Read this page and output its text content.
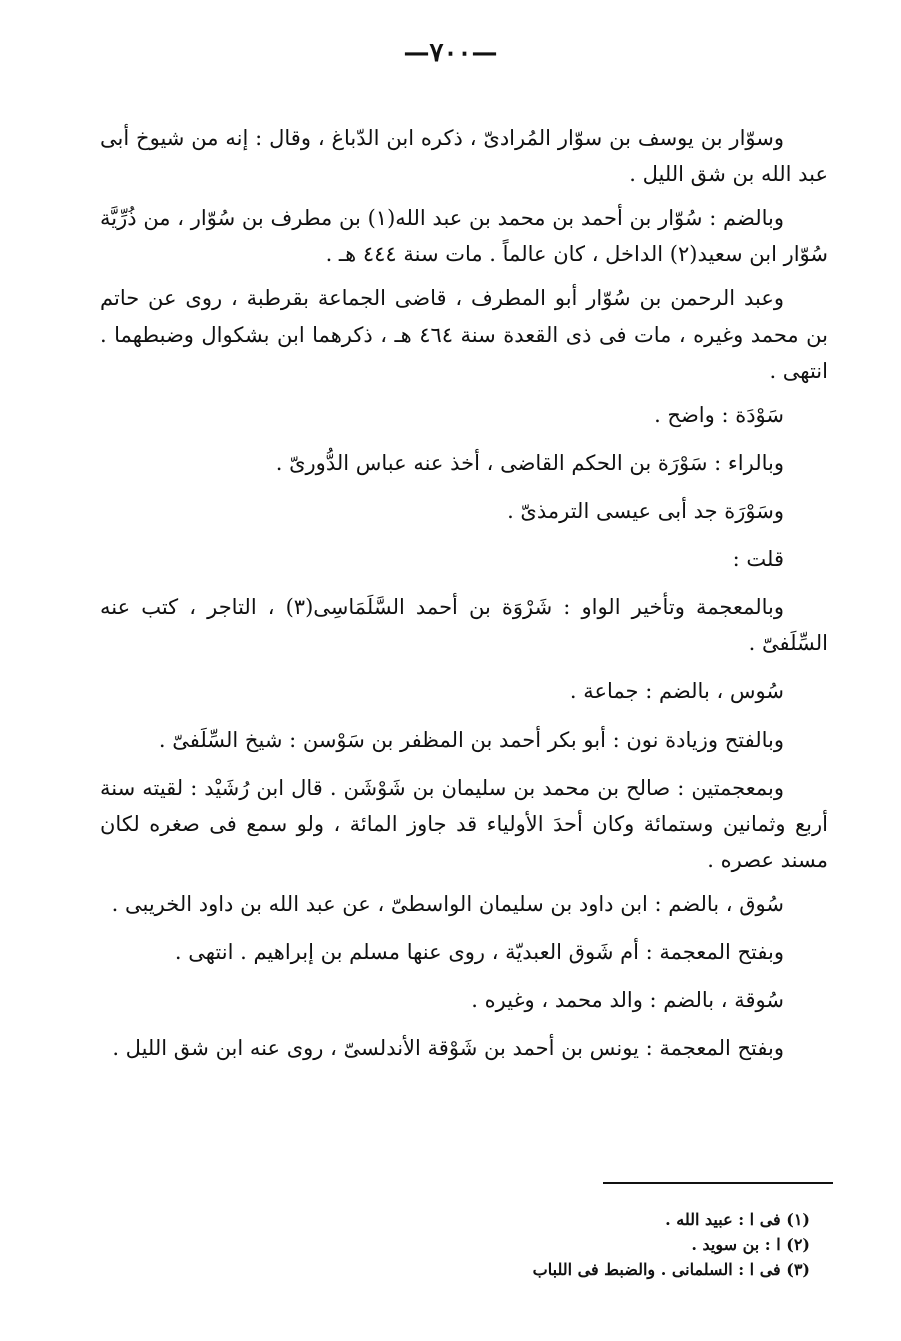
—٧٠٠—

وسوّار بن يوسف بن سوّار المُرادىّ ، ذكره ابن الدّباغ ، وقال : إنه من شيوخ أبى عبد الله بن شق الليل .

وبالضم : سُوّار بن أحمد بن محمد بن عبد الله(١) بن مطرف بن سُوّار ، من ذُرِّيَّة سُوّار ابن سعيد(٢) الداخل ، كان عالماً . مات سنة ٤٤٤ هـ .

وعبد الرحمن بن سُوّار أبو المطرف ، قاضى الجماعة بقرطبة ، روى عن حاتم بن محمد وغيره ، مات فى ذى القعدة سنة ٤٦٤ هـ ، ذكرهما ابن بشكوال وضبطهما . انتهى .

سَوْدَة : واضح .

وبالراء : سَوْرَة بن الحكم القاضى ، أخذ عنه عباس الدُّورىّ .

وسَوْرَة جد أبى عيسى الترمذىّ .

قلت :

وبالمعجمة وتأخير الواو : شَرْوَة بن أحمد السَّلَمَاسِى(٣) ، التاجر ، كتب عنه السِّلَفىّ .

سُوس ، بالضم : جماعة .

وبالفتح وزيادة نون : أبو بكر أحمد بن المظفر بن سَوْسن : شيخ السِّلَفىّ .

وبمعجمتين : صالح بن محمد بن سليمان بن شَوْشَن . قال ابن رُشَيْد : لقيته سنة أربع وثمانين وستمائة وكان أحدَ الأولياء قد جاوز المائة ، ولو سمع فى صغره لكان مسند عصره .

سُوق ، بالضم : ابن داود بن سليمان الواسطىّ ، عن عبد الله بن داود الخريبى .

وبفتح المعجمة : أم شَوق العبديّة ، روى عنها مسلم بن إبراهيم . انتهى .

سُوقة ، بالضم : والد محمد ، وغيره .

وبفتح المعجمة : يونس بن أحمد بن شَوْقة الأندلسىّ ، روى عنه ابن شق الليل .

(١) فى ا : عبيد الله .

(٢) ا : بن سويد .

(٣) فى ا : السلمانى . والضبط فى اللباب
